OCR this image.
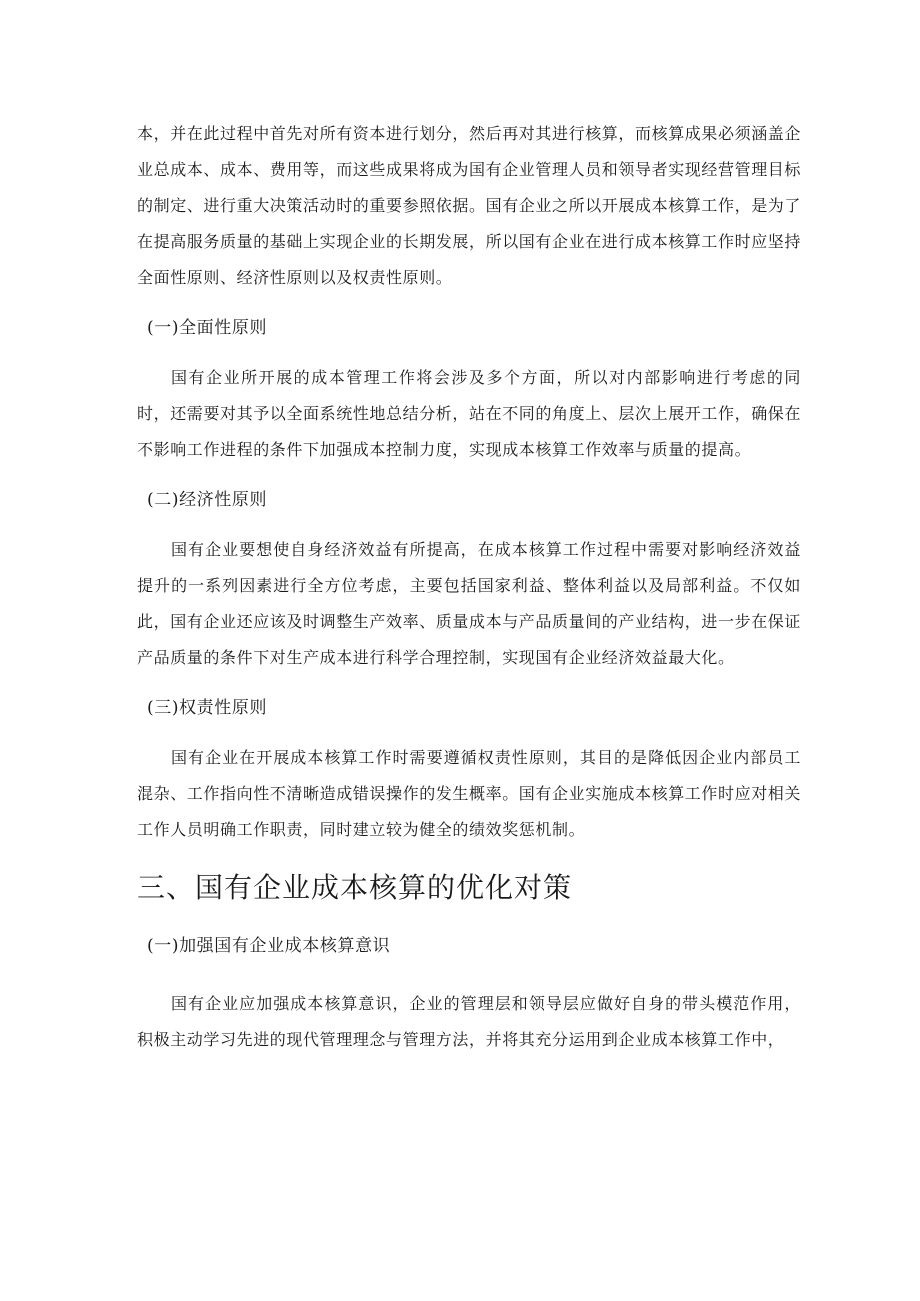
本，并在此过程中首先对所有资本进行划分，然后再对其进行核算，而核算成果必须涵盖企业总成本、成本、费用等，而这些成果将成为国有企业管理人员和领导者实现经营管理目标的制定、进行重大决策活动时的重要参照依据。国有企业之所以开展成本核算工作，是为了在提高服务质量的基础上实现企业的长期发展，所以国有企业在进行成本核算工作时应坚持全面性原则、经济性原则以及权责性原则。

(一)全面性原则

国有企业所开展的成本管理工作将会涉及多个方面，所以对内部影响进行考虑的同时，还需要对其予以全面系统性地总结分析，站在不同的角度上、层次上展开工作，确保在不影响工作进程的条件下加强成本控制力度，实现成本核算工作效率与质量的提高。

(二)经济性原则

国有企业要想使自身经济效益有所提高，在成本核算工作过程中需要对影响经济效益提升的一系列因素进行全方位考虑，主要包括国家利益、整体利益以及局部利益。不仅如此，国有企业还应该及时调整生产效率、质量成本与产品质量间的产业结构，进一步在保证产品质量的条件下对生产成本进行科学合理控制，实现国有企业经济效益最大化。

(三)权责性原则

国有企业在开展成本核算工作时需要遵循权责性原则，其目的是降低因企业内部员工混杂、工作指向性不清晰造成错误操作的发生概率。国有企业实施成本核算工作时应对相关工作人员明确工作职责，同时建立较为健全的绩效奖惩机制。

三、国有企业成本核算的优化对策

(一)加强国有企业成本核算意识

国有企业应加强成本核算意识，企业的管理层和领导层应做好自身的带头模范作用，积极主动学习先进的现代管理理念与管理方法，并将其充分运用到企业成本核算工作中，
